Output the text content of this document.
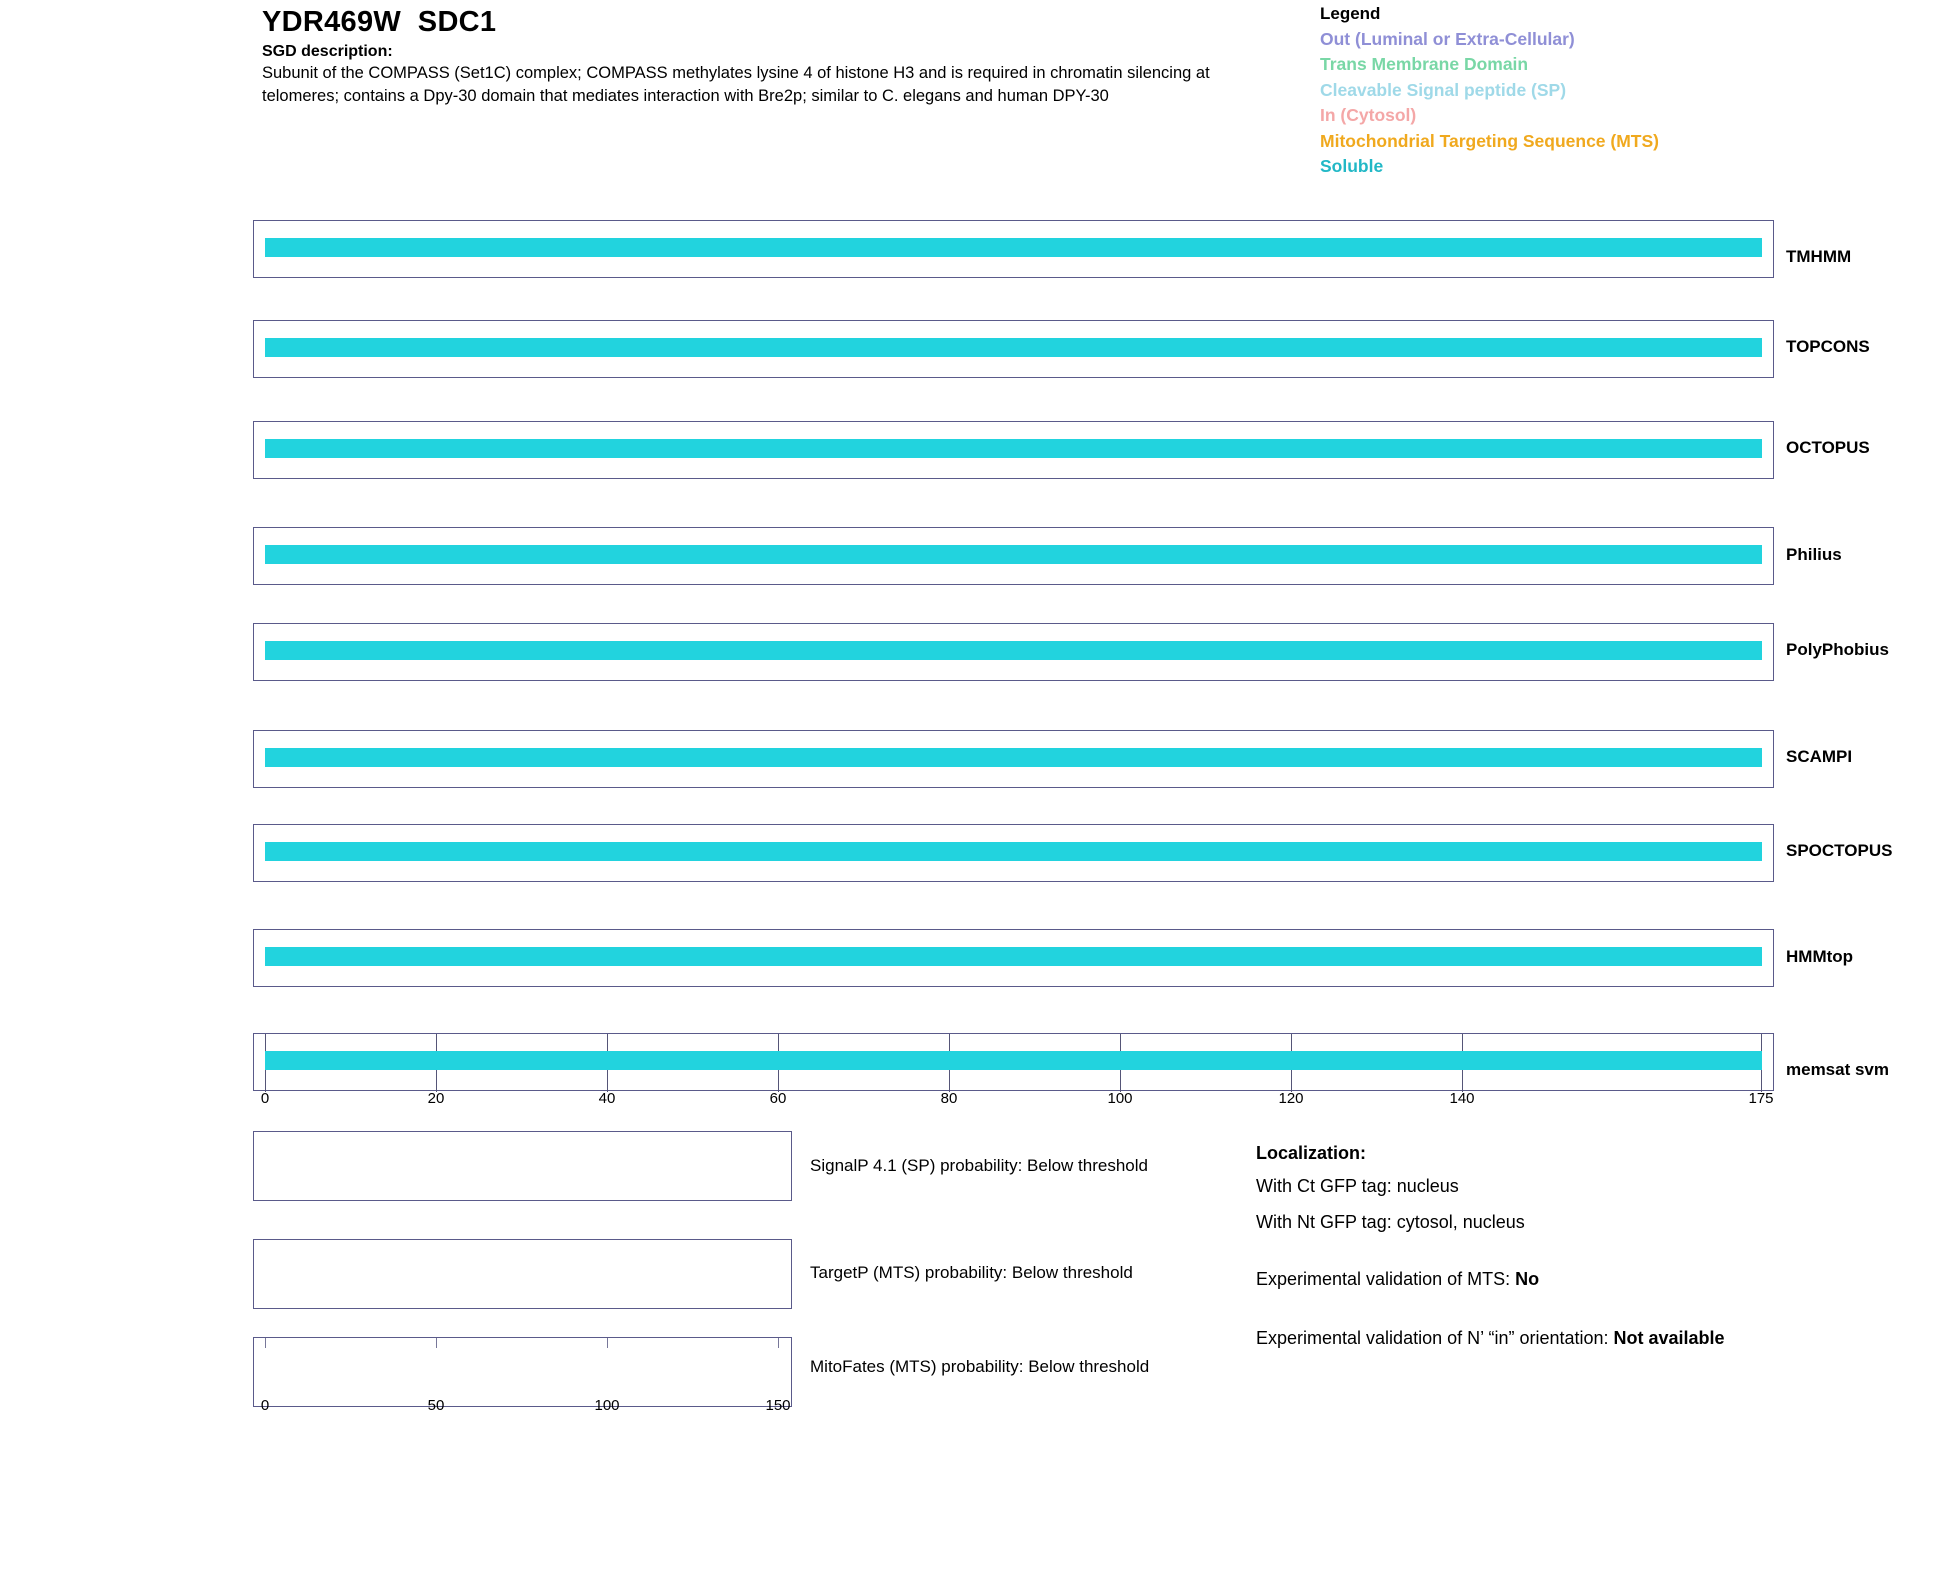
YDR469W  SDC1
SGD description:

Subunit of the COMPASS (Set1C) complex; COMPASS methylates lysine 4 of histone H3 and is required in chromatin silencing at telomeres; contains a Dpy-30 domain that mediates interaction with Bre2p; similar to C. elegans and human DPY-30

Legend
Out (Luminal or Extra-Cellular)
Trans Membrane Domain
Cleavable Signal peptide (SP)
In (Cytosol)
Mitochondrial Targeting Sequence (MTS)
Soluble
TMHMM
TOPCONS
OCTOPUS
Philius
PolyPhobius
SCAMPI
SPOCTOPUS
HMMtop
memsat svm
0	20	40	60	80	100	120	140	175
SignalP 4.1 (SP) probability: Below threshold
TargetP (MTS) probability: Below threshold
MitoFates (MTS) probability: Below threshold
0	50	100	150
Localization:
With Ct GFP tag: nucleus
With Nt GFP tag: cytosol, nucleus
Experimental validation of MTS: No
Experimental validation of N’ “in” orientation: Not available
